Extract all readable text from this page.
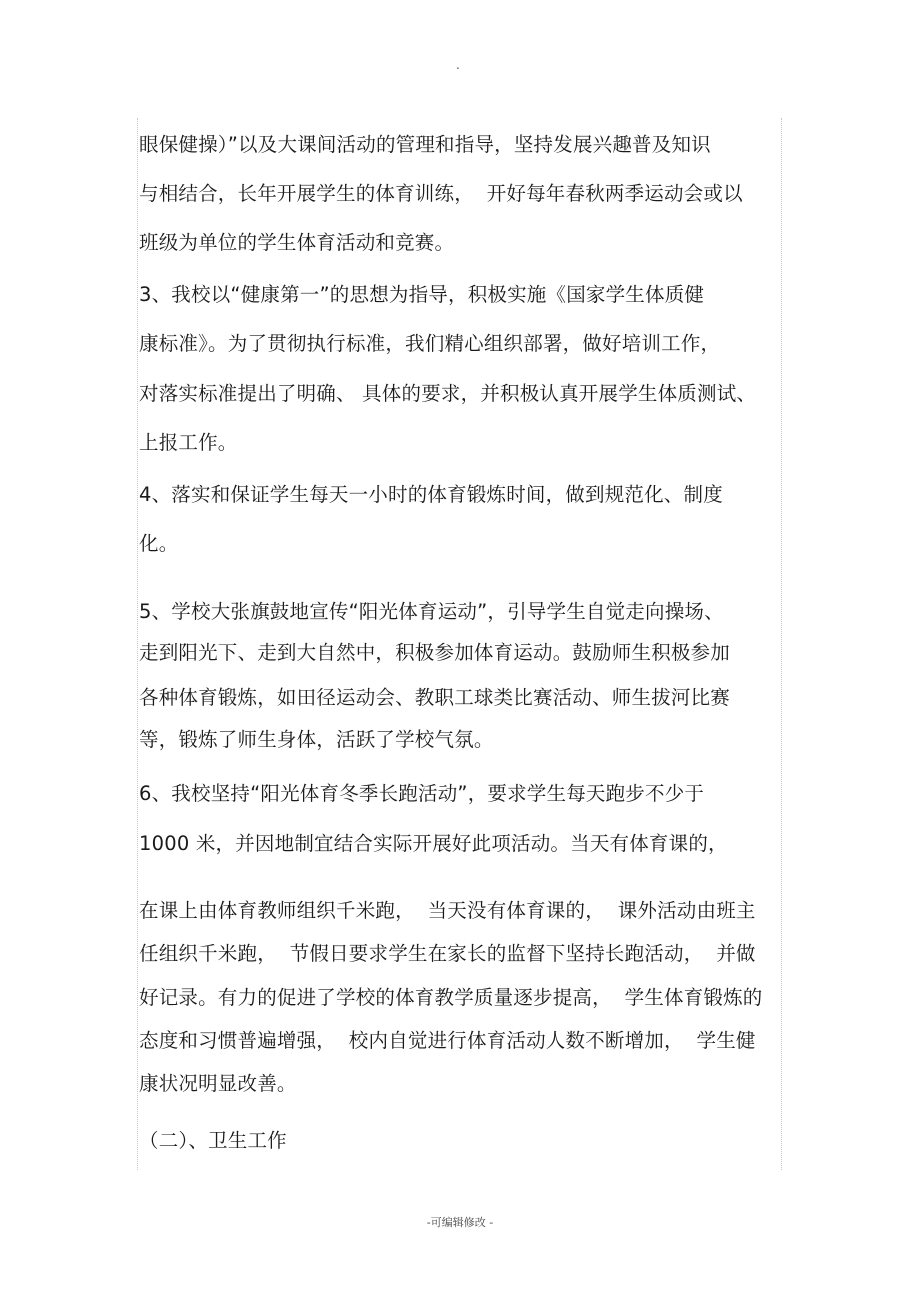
.
眼保健操）”以及大课间活动的管理和指导，坚持发展兴趣普及知识
与相结合，长年开展学生的体育训练，  开好每年春秋两季运动会或以
班级为单位的学生体育活动和竞赛。
3、我校以“健康第一”的思想为指导，积极实施《国家学生体质健
康标准》。为了贯彻执行标准，我们精心组织部署，做好培训工作，
对落实标准提出了明确、 具体的要求，并积极认真开展学生体质测试、
上报工作。
4、落实和保证学生每天一小时的体育锻炼时间，做到规范化、制度
化。
5、学校大张旗鼓地宣传“阳光体育运动”，引导学生自觉走向操场、
走到阳光下、走到大自然中，积极参加体育运动。鼓励师生积极参加
各种体育锻炼，如田径运动会、教职工球类比赛活动、师生拔河比赛
等，锻炼了师生身体，活跃了学校气氛。
6、我校坚持“阳光体育冬季长跑活动”，要求学生每天跑步不少于
1000 米，并因地制宜结合实际开展好此项活动。当天有体育课的，
在课上由体育教师组织千米跑，  当天没有体育课的，  课外活动由班主
任组织千米跑，  节假日要求学生在家长的监督下坚持长跑活动，  并做
好记录。有力的促进了学校的体育教学质量逐步提高，  学生体育锻炼的
态度和习惯普遍增强，  校内自觉进行体育活动人数不断增加，  学生健
康状况明显改善。
（二）、卫生工作
-可编辑修改 -
